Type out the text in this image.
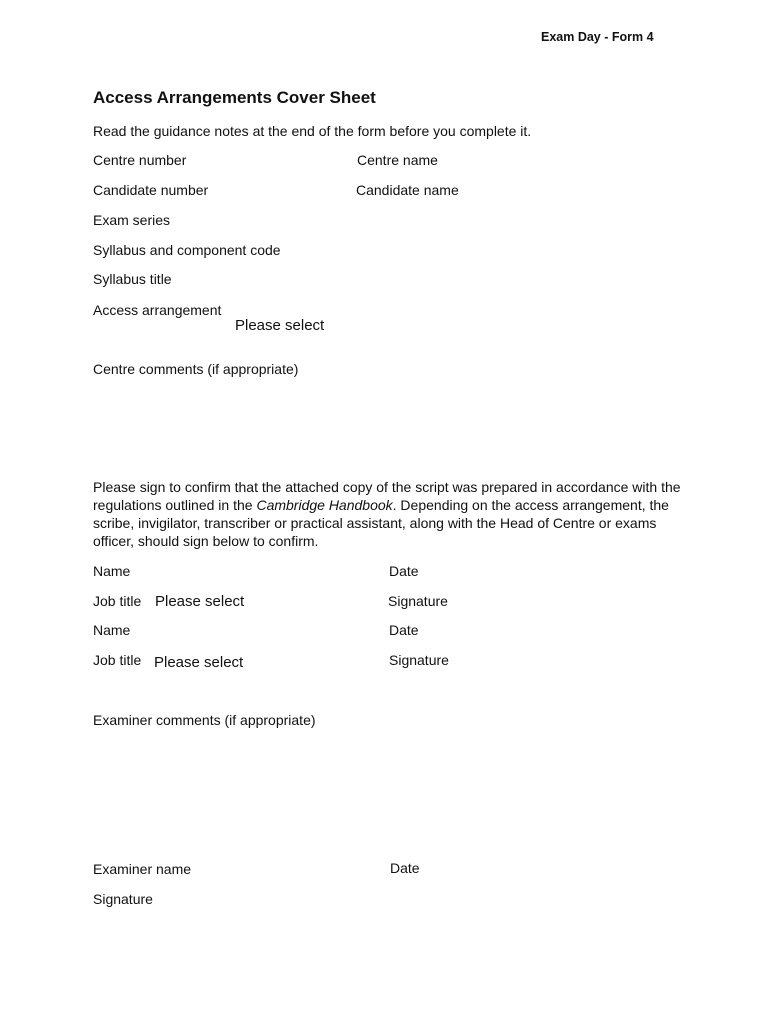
Exam Day - Form 4
Access Arrangements Cover Sheet
Read the guidance notes at the end of the form before you complete it.
Centre number	Centre name
Candidate number	Candidate name
Exam series
Syllabus and component code
Syllabus title
Access arrangement
Please select
Centre comments (if appropriate)
Please sign to confirm that the attached copy of the script was prepared in accordance with the regulations outlined in the Cambridge Handbook. Depending on the access arrangement, the scribe, invigilator, transcriber or practical assistant, along with the Head of Centre or exams officer, should sign below to confirm.
Name	Date
Job title Please select	Signature
Name	Date
Job title Please select	Signature
Examiner comments (if appropriate)
Examiner name	Date
Signature
